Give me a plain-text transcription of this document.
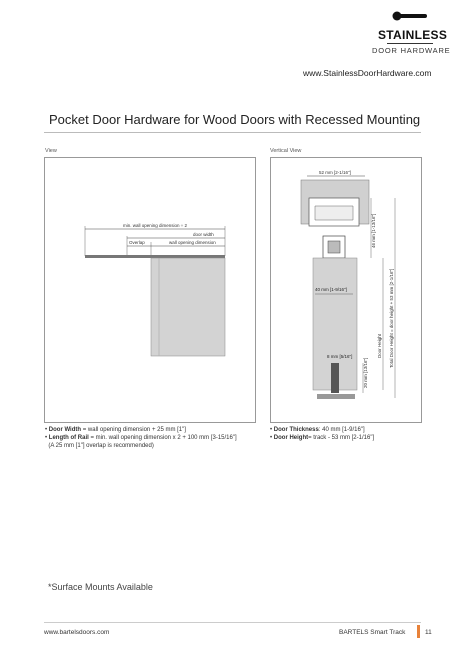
STAINLESS
DOOR HARDWARE
www.StainlessDoorHardware.com
Pocket Door Hardware for Wood Doors with Recessed Mounting
View
min. wall opening dimension ÷ 2
door width
Overlap	wall opening dimension
• Door Width = wall opening dimension + 25 mm [1"]
• Length of Rail = min. wall opening dimension x 2 + 100 mm [3-15/16"]
(A 25 mm [1"] overlap is recommended)
Vertical View
52 mm [2-1/16"]
40 mm [1-9/16"]
8 mm [5/16"]
46 mm [1-13/16"]
Door Height Total Door Height = door height + 53 mm [2-1/16"]
20 mm [13/16"]
• Door Thickness: 40 mm [1-9/16"]
• Door Height= track - 53 mm [2-1/16"]
*Surface Mounts Available
www.bartelsdoors.com	BARTELS Smart Track	11
